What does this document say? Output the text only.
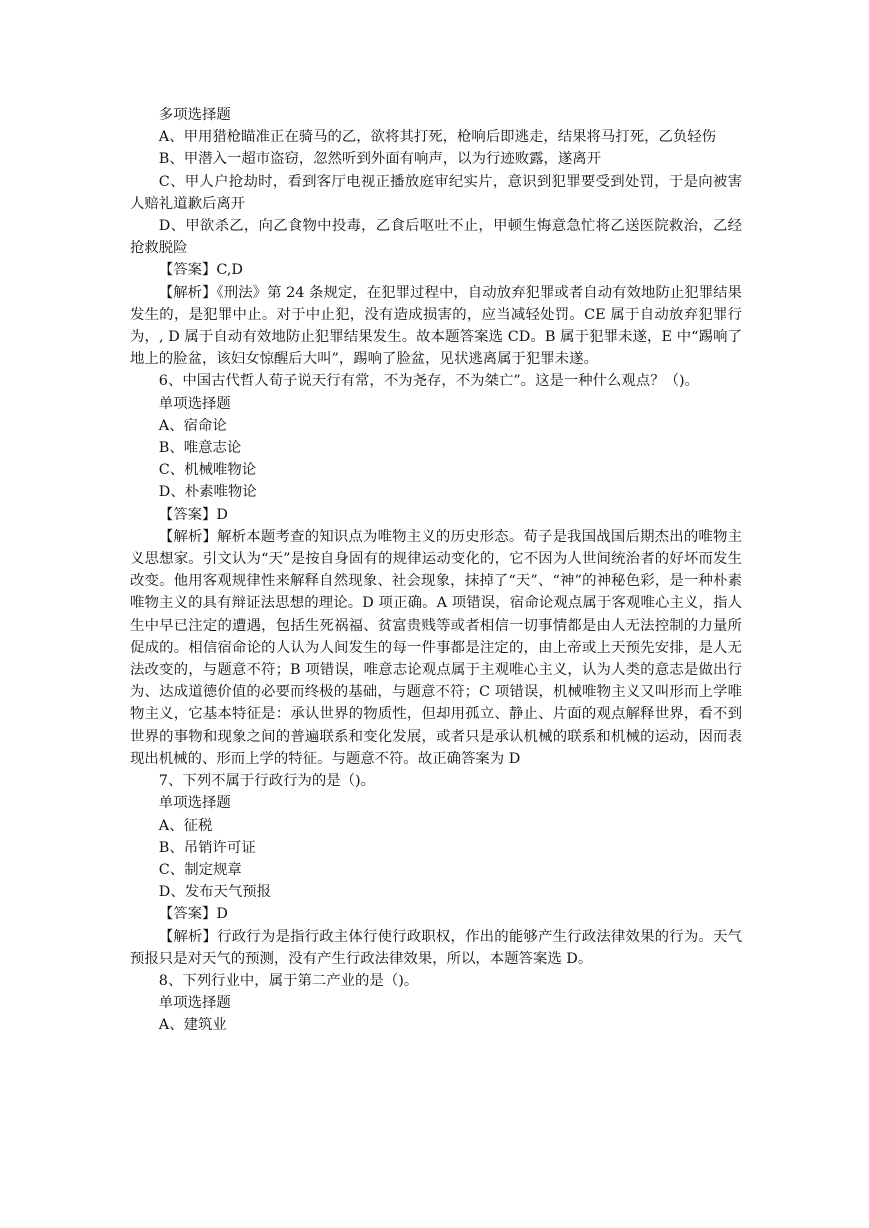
多项选择题

A、甲用猎枪瞄准正在骑马的乙，欲将其打死，枪响后即逃走，结果将马打死，乙负轻伤

B、甲潜入一超市盗窃，忽然听到外面有响声，以为行迹败露，遂离开

C、甲人户抢劫时，看到客厅电视正播放庭审纪实片，意识到犯罪要受到处罚，于是向被害人赔礼道歉后离开

D、甲欲杀乙，向乙食物中投毒，乙食后呕吐不止，甲顿生悔意急忙将乙送医院救治，乙经抢救脱险

【答案】C,D

【解析】《刑法》第 24 条规定，在犯罪过程中，自动放弃犯罪或者自动有效地防止犯罪结果发生的，是犯罪中止。对于中止犯，没有造成损害的，应当减轻处罚。CE 属于自动放弃犯罪行为，, D 属于自动有效地防止犯罪结果发生。故本题答案选 CD。B 属于犯罪未遂，E 中“踢响了地上的脸盆，该妇女惊醒后大叫”，踢响了脸盆，见状逃离属于犯罪未遂。

6、中国古代哲人荀子说天行有常，不为尧存，不为桀亡”。这是一种什么观点？（)。

单项选择题

A、宿命论

B、唯意志论

C、机械唯物论

D、朴素唯物论

【答案】D

【解析】解析本题考查的知识点为唯物主义的历史形态。荀子是我国战国后期杰出的唯物主义思想家。引文认为“天”是按自身固有的规律运动变化的，它不因为人世间统治者的好坏而发生改变。他用客观规律性来解释自然现象、社会现象，抹掉了“天”、“神”的神秘色彩，是一种朴素唯物主义的具有辩证法思想的理论。D 项正确。A 项错误，宿命论观点属于客观唯心主义，指人生中早已注定的遭遇，包括生死祸福、贫富贵贱等或者相信一切事情都是由人无法控制的力量所促成的。相信宿命论的人认为人间发生的每一件事都是注定的，由上帝或上天预先安排，是人无法改变的，与题意不符；B 项错误，唯意志论观点属于主观唯心主义，认为人类的意志是做出行为、达成道德价值的必要而终极的基础，与题意不符；C 项错误，机械唯物主义又叫形而上学唯物主义，它基本特征是：承认世界的物质性，但却用孤立、静止、片面的观点解释世界，看不到世界的事物和现象之间的普遍联系和变化发展，或者只是承认机械的联系和机械的运动，因而表现出机械的、形而上学的特征。与题意不符。故正确答案为 D

7、下列不属于行政行为的是（)。

单项选择题

A、征税

B、吊销许可证

C、制定规章

D、发布天气预报

【答案】D

【解析】行政行为是指行政主体行使行政职权，作出的能够产生行政法律效果的行为。天气预报只是对天气的预测，没有产生行政法律效果，所以，本题答案选 D。

8、下列行业中，属于第二产业的是（)。

单项选择题

A、建筑业
